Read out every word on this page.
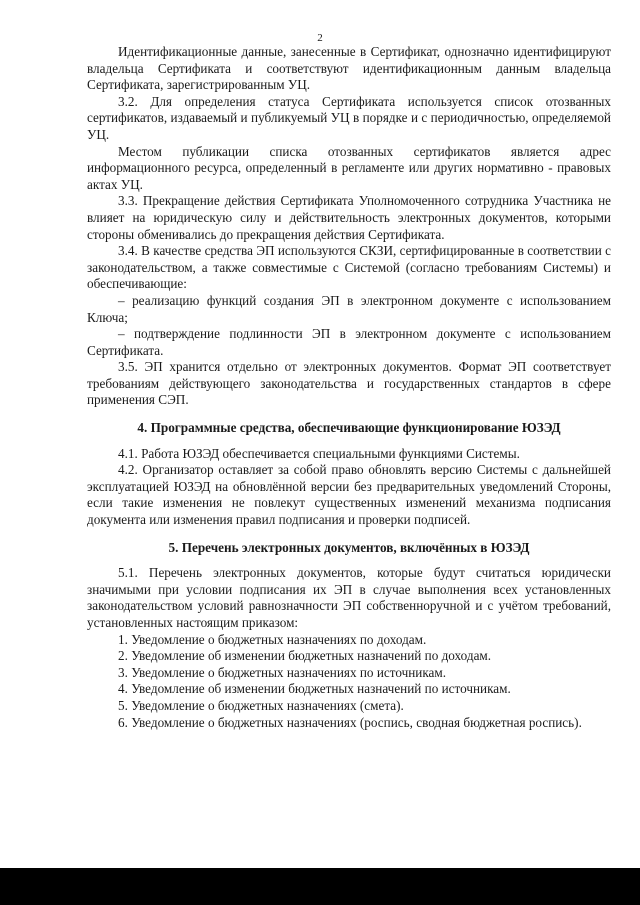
2

Идентификационные данные, занесенные в Сертификат, однозначно идентифицируют владельца Сертификата и соответствуют идентификационным данным владельца Сертификата, зарегистрированным УЦ.

3.2. Для определения статуса Сертификата используется список отозванных сертификатов, издаваемый и публикуемый УЦ в порядке и с периодичностью, определяемой УЦ.

Местом публикации списка отозванных сертификатов является адрес информационного ресурса, определенный в регламенте или других нормативно - правовых актах УЦ.

3.3. Прекращение действия Сертификата Уполномоченного сотрудника Участника не влияет на юридическую силу и действительность электронных документов, которыми стороны обменивались до прекращения действия Сертификата.

3.4. В качестве средства ЭП используются СКЗИ, сертифицированные в соответствии с законодательством, а также совместимые с Системой (согласно требованиям Системы) и обеспечивающие:

– реализацию функций создания ЭП в электронном документе с использованием Ключа;

– подтверждение подлинности ЭП в электронном документе с использованием Сертификата.

3.5. ЭП хранится отдельно от электронных документов. Формат ЭП соответствует требованиям действующего законодательства и государственных стандартов в сфере применения СЭП.

4. Программные средства, обеспечивающие функционирование ЮЗЭД

4.1. Работа ЮЗЭД обеспечивается специальными функциями Системы.

4.2. Организатор оставляет за собой право обновлять версию Системы с дальнейшей эксплуатацией ЮЗЭД на обновлённой версии без предварительных уведомлений Стороны, если такие изменения не повлекут существенных изменений механизма подписания документа или изменения правил подписания и проверки подписей.

5. Перечень электронных документов, включённых в ЮЗЭД

5.1. Перечень электронных документов, которые будут считаться юридически значимыми при условии подписания их ЭП в случае выполнения всех установленных законодательством условий равнозначности ЭП собственноручной и с учётом требований, установленных настоящим приказом:

1. Уведомление о бюджетных назначениях по доходам.
2. Уведомление об изменении бюджетных назначений по доходам.
3. Уведомление о бюджетных назначениях по источникам.
4. Уведомление об изменении бюджетных назначений по источникам.
5. Уведомление о бюджетных назначениях (смета).
6. Уведомление о бюджетных назначениях (роспись, сводная бюджетная роспись).
